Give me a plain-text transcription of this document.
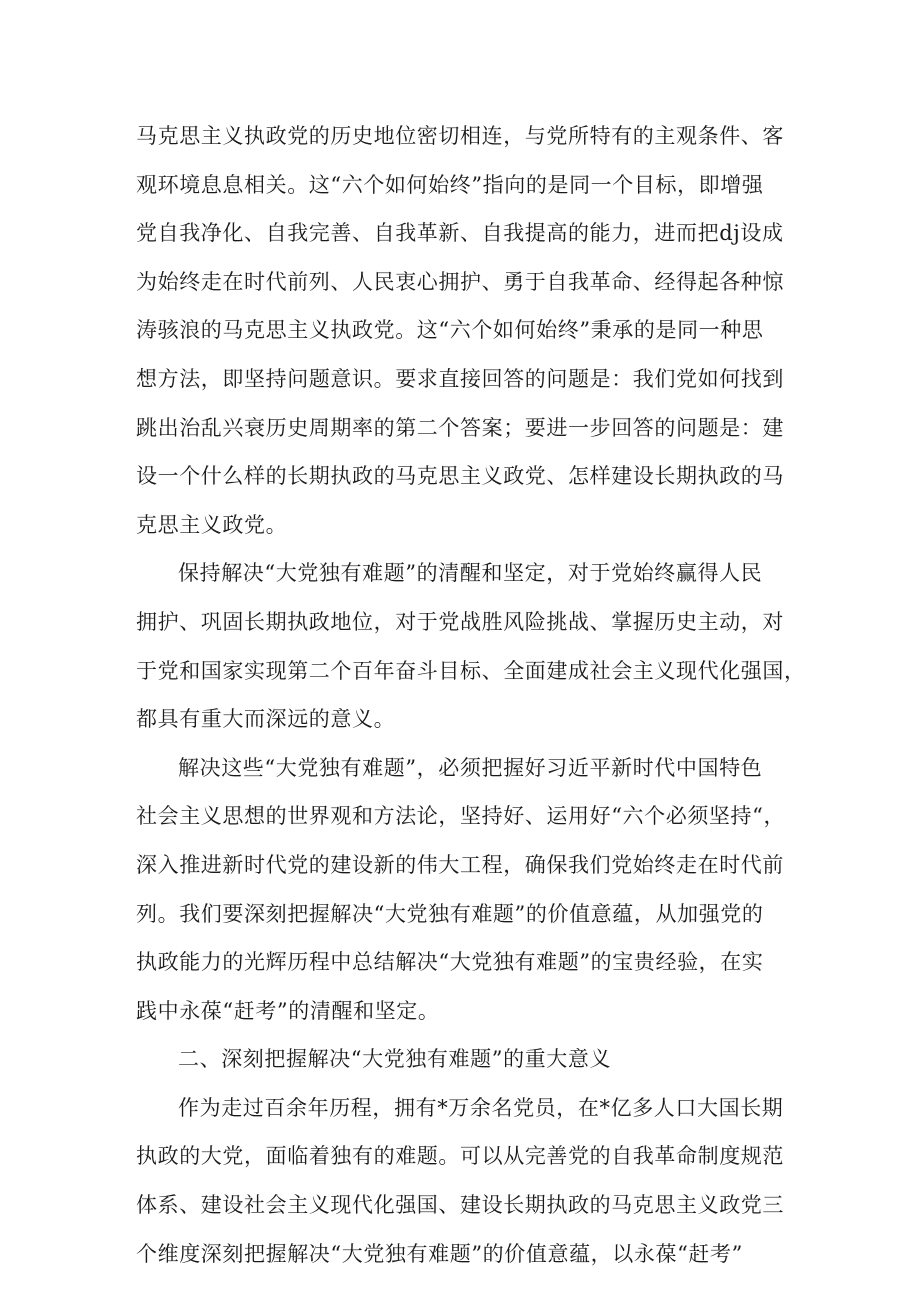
马克思主义执政党的历史地位密切相连，与党所特有的主观条件、客
观环境息息相关。这“六个如何始终”指向的是同一个目标，即增强
党自我净化、自我完善、自我革新、自我提高的能力，进而把dj设成
为始终走在时代前列、人民衷心拥护、勇于自我革命、经得起各种惊
涛骇浪的马克思主义执政党。这“六个如何始终”秉承的是同一种思
想方法，即坚持问题意识。要求直接回答的问题是：我们党如何找到
跳出治乱兴衰历史周期率的第二个答案；要进一步回答的问题是：建
设一个什么样的长期执政的马克思主义政党、怎样建设长期执政的马
克思主义政党。
保持解决“大党独有难题”的清醒和坚定，对于党始终赢得人民
拥护、巩固长期执政地位，对于党战胜风险挑战、掌握历史主动，对
于党和国家实现第二个百年奋斗目标、全面建成社会主义现代化强国，
都具有重大而深远的意义。
解决这些“大党独有难题”，必须把握好习近平新时代中国特色
社会主义思想的世界观和方法论，坚持好、运用好“六个必须坚持“，
深入推进新时代党的建设新的伟大工程，确保我们党始终走在时代前
列。我们要深刻把握解决“大党独有难题”的价值意蕴，从加强党的
执政能力的光辉历程中总结解决“大党独有难题”的宝贵经验，在实
践中永葆“赶考”的清醒和坚定。
二、深刻把握解决“大党独有难题”的重大意义
作为走过百余年历程，拥有*万余名党员，在*亿多人口大国长期
执政的大党，面临着独有的难题。可以从完善党的自我革命制度规范
体系、建设社会主义现代化强国、建设长期执政的马克思主义政党三
个维度深刻把握解决“大党独有难题”的价值意蕴，以永葆“赶考”
